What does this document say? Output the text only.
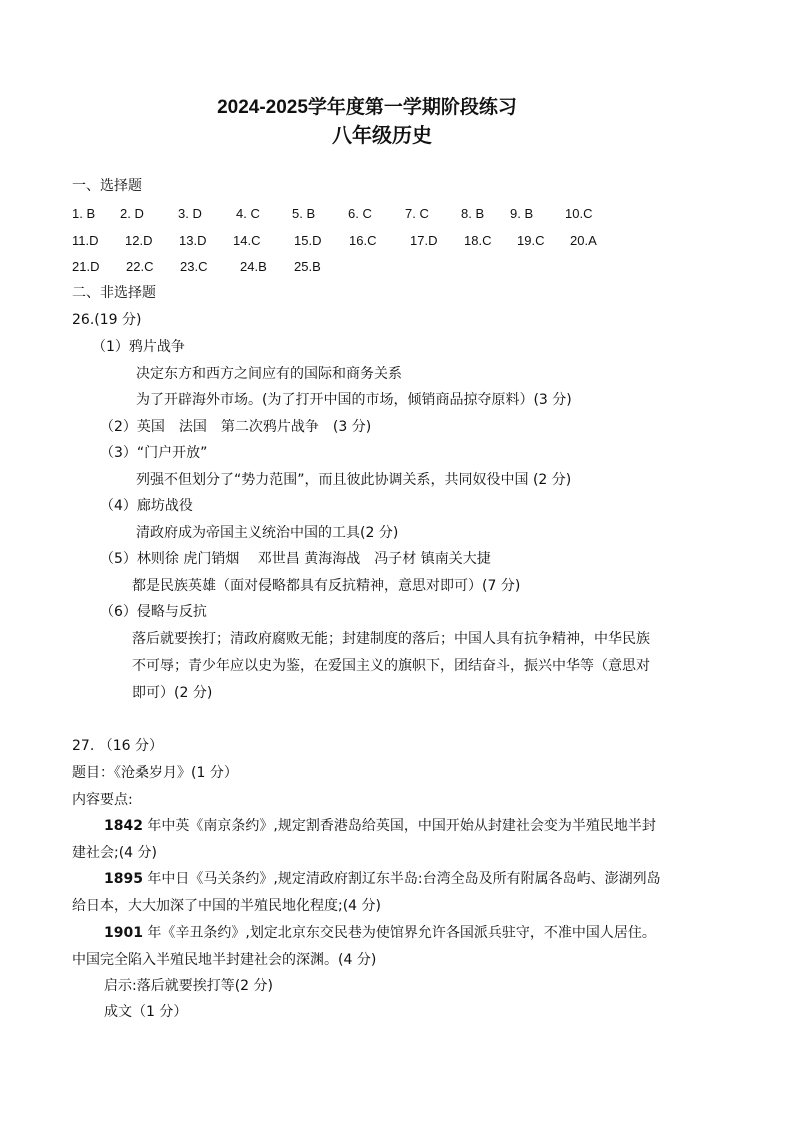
2024-2025学年度第一学期阶段练习
八年级历史
一、选择题
1. B 2. D	3. D	4. C 5. B	6. C	7. C 8. B 9. B 10.C
11.D 12.D 13.D 14.C	15.D 16.C	17.D 18.C 19.C 20.A
21.D 22.C 23.C	24.B 25.B
二、非选择题
26.(19 分)
（1）鸦片战争
决定东方和西方之间应有的国际和商务关系
为了开辟海外市场。(为了打开中国的市场，倾销商品掠夺原料）(3 分)
（2）英国　法国　第二次鸦片战争　(3 分)
（3）“门户开放”
列强不但划分了“势力范围”，而且彼此协调关系，共同奴役中国 (2 分)
（4）廊坊战役
清政府成为帝国主义统治中国的工具(2 分)
（5）林则徐 虎门销烟　 邓世昌 黄海海战　冯子材 镇南关大捷
都是民族英雄（面对侵略都具有反抗精神，意思对即可）(7 分)
（6）侵略与反抗
落后就要挨打；清政府腐败无能；封建制度的落后；中国人具有抗争精神，中华民族
不可辱；青少年应以史为鉴，在爱国主义的旗帜下，团结奋斗，振兴中华等（意思对
即可）(2 分)
27. （16 分）
题目：《沧桑岁月》(1 分）
内容要点:
1842 年中英《南京条约》,规定割香港岛给英国，中国开始从封建社会变为半殖民地半封
建社会;(4 分)
1895 年中日《马关条约》,规定清政府割辽东半岛:台湾全岛及所有附属各岛屿、澎湖列岛
给日本，大大加深了中国的半殖民地化程度;(4 分)
1901 年《辛丑条约》,划定北京东交民巷为使馆界允许各国派兵驻守，不准中国人居住。
中国完全陷入半殖民地半封建社会的深渊。(4 分)
启示:落后就要挨打等(2 分)
成文（1 分）
